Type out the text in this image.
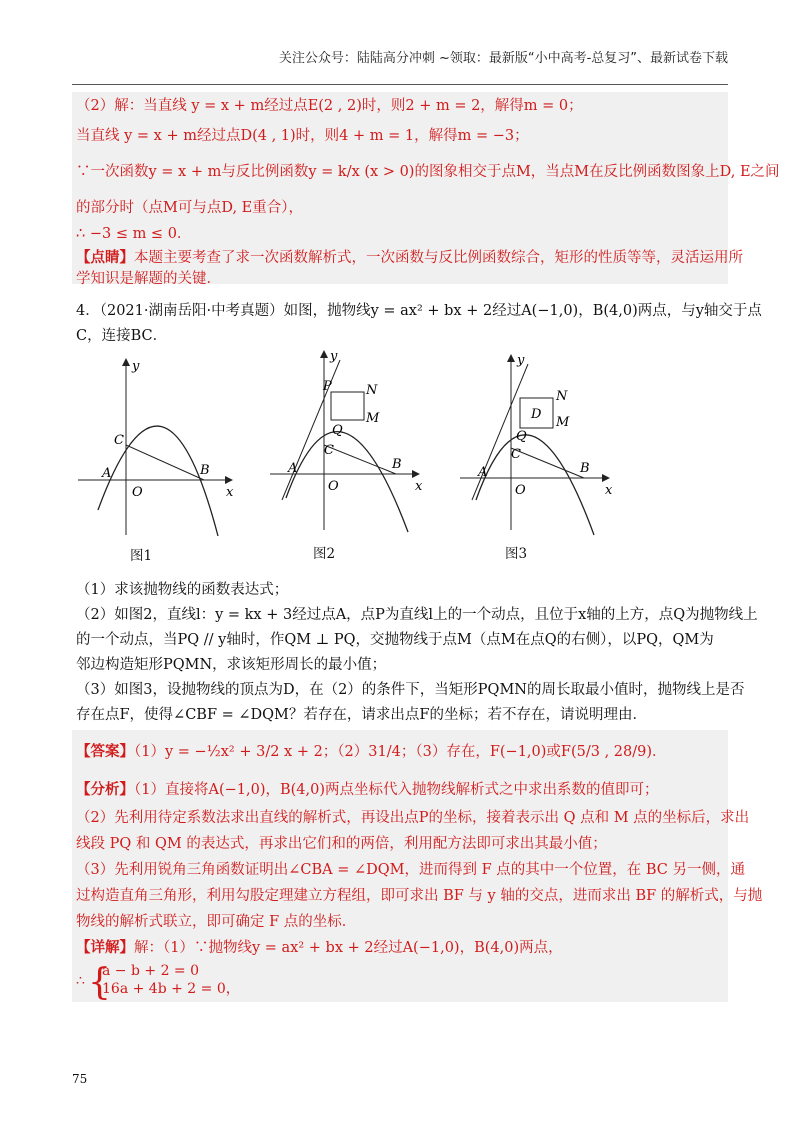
关注公众号：陆陆高分冲刺 ~领取：最新版“小中高考-总复习”、最新试卷下载
（2）解：当直线 y = x + m经过点E(2 , 2)时，则2 + m = 2，解得m = 0；
当直线 y = x + m经过点D(4 , 1)时，则4 + m = 1，解得m = −3；
∵一次函数y = x + m与反比例函数y = k/x (x > 0)的图象相交于点M，当点M在反比例函数图象上D, E之间
的部分时（点M可与点D, E重合），
∴ −3 ≤ m ≤ 0．
【点睛】本题主要考查了求一次函数解析式，一次函数与反比例函数综合，矩形的性质等等，灵活运用所
学知识是解题的关键．
4．（2021·湖南岳阳·中考真题）如图，抛物线y = ax² + bx + 2经过A(−1,0)，B(4,0)两点，与y轴交于点
C，连接BC．
y
x
O
A	B
C
图1
y
x
O
A	B
C
P
Q
M
N
图2
y
x
O
A	B
C
D
Q
M
N
图3
（1）求该抛物线的函数表达式；
（2）如图2，直线l：y = kx + 3经过点A，点P为直线l上的一个动点，且位于x轴的上方，点Q为抛物线上
的一个动点，当PQ // y轴时，作QM ⊥ PQ，交抛物线于点M（点M在点Q的右侧），以PQ，QM为
邻边构造矩形PQMN，求该矩形周长的最小值；
（3）如图3，设抛物线的顶点为D，在（2）的条件下，当矩形PQMN的周长取最小值时，抛物线上是否
存在点F，使得∠CBF = ∠DQM？若存在，请求出点F的坐标；若不存在，请说明理由．
【答案】（1）y = −½x² + 3/2 x + 2；（2）31/4；（3）存在，F(−1,0)或F(5/3 , 28/9)．
【分析】（1）直接将A(−1,0)，B(4,0)两点坐标代入抛物线解析式之中求出系数的值即可；
（2）先利用待定系数法求出直线的解析式，再设出点P的坐标，接着表示出 Q 点和 M 点的坐标后，求出
线段 PQ 和 QM 的表达式，再求出它们和的两倍，利用配方法即可求出其最小值；
（3）先利用锐角三角函数证明出∠CBA = ∠DQM，进而得到 F 点的其中一个位置，在 BC 另一侧，通
过构造直角三角形，利用勾股定理建立方程组，即可求出 BF 与 y 轴的交点，进而求出 BF 的解析式，与抛
物线的解析式联立，即可确定 F 点的坐标．
【详解】解：（1）∵抛物线y = ax² + bx + 2经过A(−1,0)，B(4,0)两点，
∴ {
a − b + 2 = 0
16a + 4b + 2 = 0，
75
